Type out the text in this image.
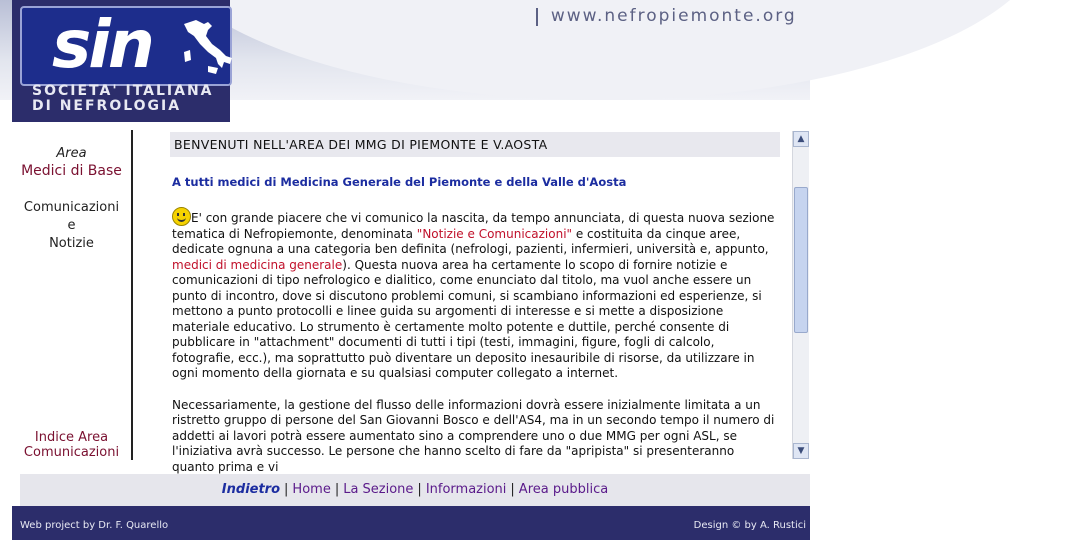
sin
SOCIETA' ITALIANA
DI NEFROLOGIA
www.nefropiemonte.org
Area
Medici di Base
Comunicazioni
e
Notizie
Indice Area
Comunicazioni
BENVENUTI NELL'AREA DEI MMG DI PIEMONTE E V.AOSTA
A tutti medici di Medicina Generale del Piemonte e della Valle d'Aosta
E' con grande piacere che vi comunico la nascita, da tempo annunciata, di questa nuova sezione tematica di Nefropiemonte, denominata "Notizie e Comunicazioni" e costituita da cinque aree, dedicate ognuna a una categoria ben definita (nefrologi, pazienti, infermieri, università e, appunto, medici di medicina generale). Questa nuova area ha certamente lo scopo di fornire notizie e comunicazioni di tipo nefrologico e dialitico, come enunciato dal titolo, ma vuol anche essere un punto di incontro, dove si discutono problemi comuni, si scambiano informazioni ed esperienze, si mettono a punto protocolli e linee guida su argomenti di interesse e si mette a disposizione materiale educativo. Lo strumento è certamente molto potente e duttile, perché consente di pubblicare in "attachment" documenti di tutti i tipi (testi, immagini, figure, fogli di calcolo, fotografie, ecc.), ma soprattutto può diventare un deposito inesauribile di risorse, da utilizzare in ogni momento della giornata e su qualsiasi computer collegato a internet.
Necessariamente, la gestione del flusso delle informazioni dovrà essere inizialmente limitata a un ristretto gruppo di persone del San Giovanni Bosco e dell'AS4, ma in un secondo tempo il numero di addetti ai lavori potrà essere aumentato sino a comprendere uno o due MMG per ogni ASL, se l'iniziativa avrà successo. Le persone che hanno scelto di fare da "apripista" si presenteranno quanto prima e vi
▲
▼
Indietro | Home | La Sezione | Informazioni | Area pubblica
Web project by Dr. F. Quarello	Design © by A. Rustici
